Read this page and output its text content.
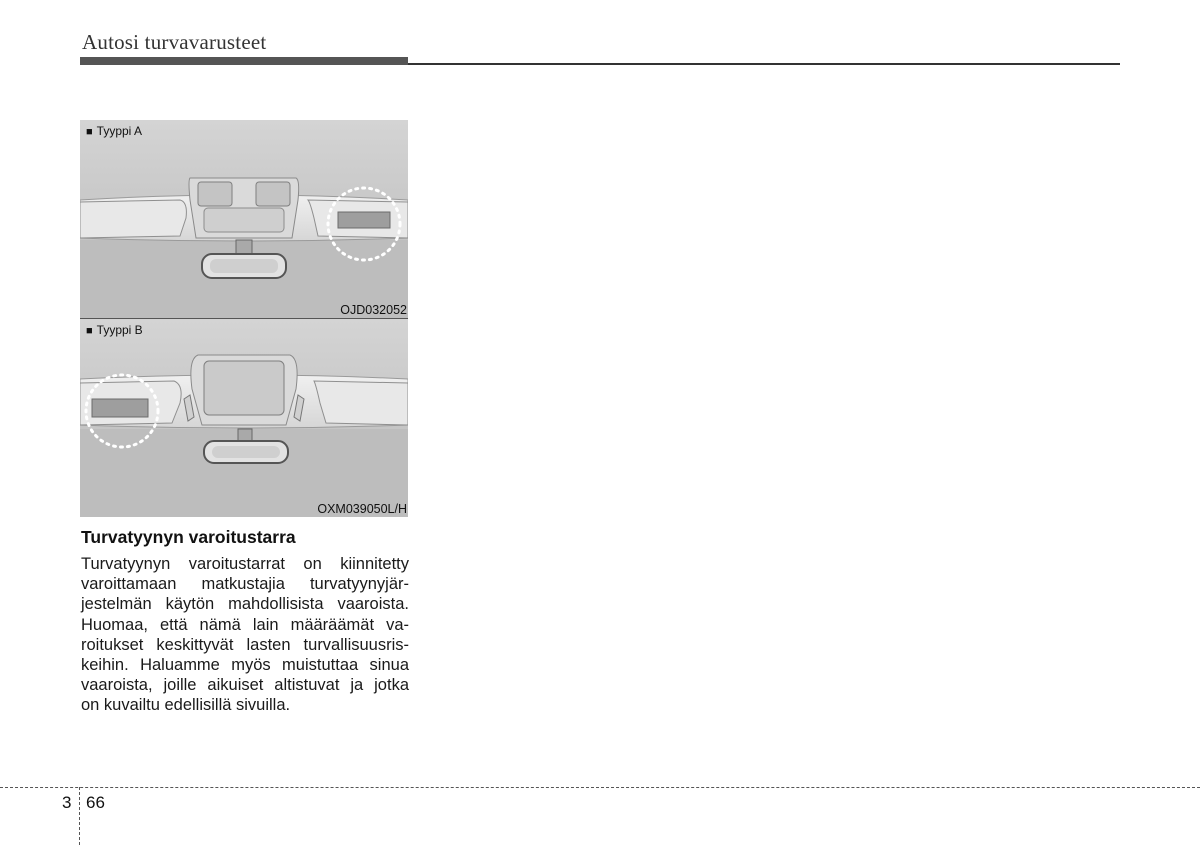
Autosi turvavarusteet
■ Tyyppi A
OJD032052
■ Tyyppi B
OXM039050L/H
Turvatyynyn varoitustarra
Turvatyynyn varoitustarrat on kiinnitetty
varoittamaan matkustajia turvatyynyjär-
jestelmän käytön mahdollisista vaaroista.
Huomaa, että nämä lain määräämät va-
roitukset keskittyvät lasten turvallisuusris-
keihin. Haluamme myös muistuttaa sinua
vaaroista, joille aikuiset altistuvat ja jotka
on kuvailtu edellisillä sivuilla.
3 66
